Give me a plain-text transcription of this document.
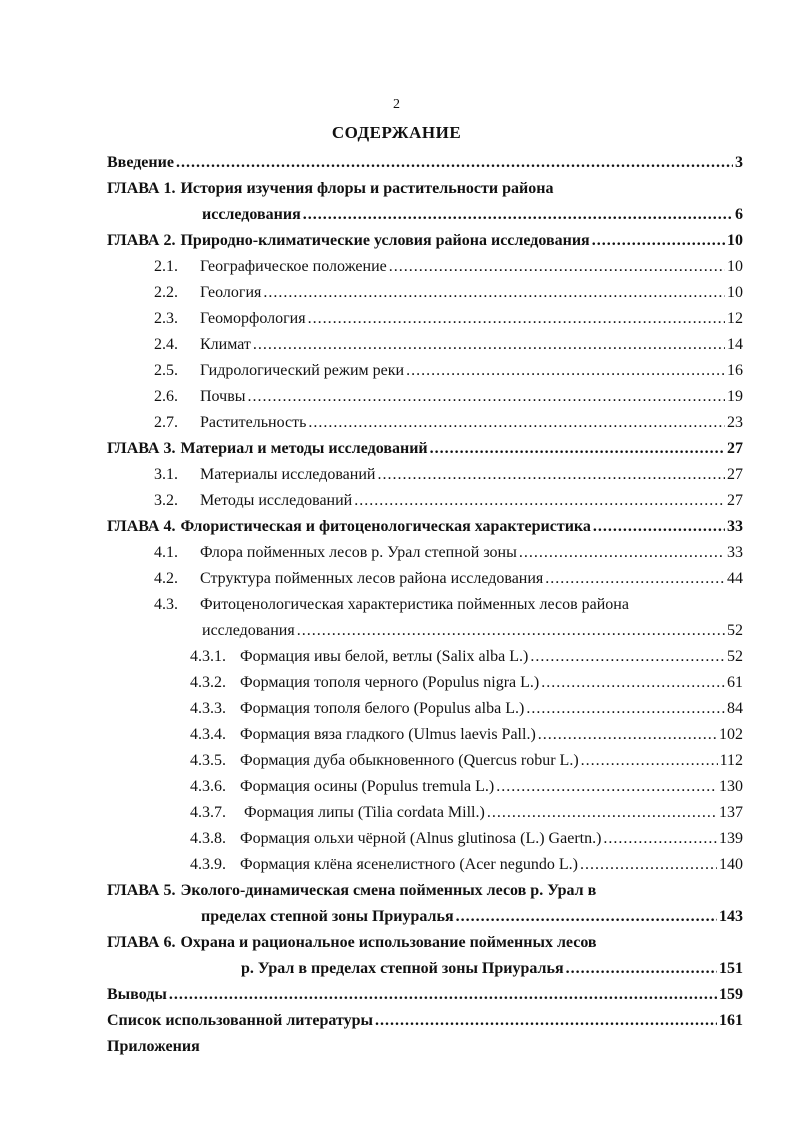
2
СОДЕРЖАНИЕ
Введение .....	3
ГЛАВА 1. История изучения флоры и растительности района
исследования .....	6
ГЛАВА 2. Природно-климатические условия района исследования .....	10
2.1.	Географическое положение .....	10
2.2.	Геология .....	10
2.3.	Геоморфология .....	12
2.4.	Климат .....	14
2.5.	Гидрологический режим реки .....	16
2.6.	Почвы .....	19
2.7.	Растительность .....	23
ГЛАВА 3. Материал и методы исследований .....	27
3.1.	Материалы исследований .....	27
3.2.	Методы исследований .....	27
ГЛАВА 4. Флористическая и фитоценологическая характеристика .....	33
4.1.	Флора пойменных лесов р. Урал степной зоны .....	33
4.2.	Структура пойменных лесов района исследования .....	44
4.3.	Фитоценологическая характеристика пойменных лесов района
исследования .....	52
4.3.1. Формация ивы белой, ветлы (Salix alba L.) .....	52
4.3.2. Формация тополя черного (Populus nigra L.) .....	61
4.3.3. Формация тополя белого (Populus alba L.) .....	84
4.3.4. Формация вяза гладкого (Ulmus laevis Pall.) .....	102
4.3.5. Формация дуба обыкновенного (Quercus robur L.) .....	112
4.3.6. Формация осины (Populus tremula L.) .....	130
4.3.7. Формация липы (Tilia cordata Mill.) .....	137
4.3.8. Формация ольхи чёрной (Alnus glutinosa (L.) Gaertn.) .....	139
4.3.9. Формация клёна ясенелистного (Acer negundo L.) .....	140
ГЛАВА 5. Эколого-динамическая смена пойменных лесов р. Урал в
пределах степной зоны Приуралья .....	143
ГЛАВА 6. Охрана и рациональное использование пойменных лесов
р. Урал в пределах степной зоны Приуралья .....	151
Выводы .....	159
Список использованной литературы .....	161
Приложения
